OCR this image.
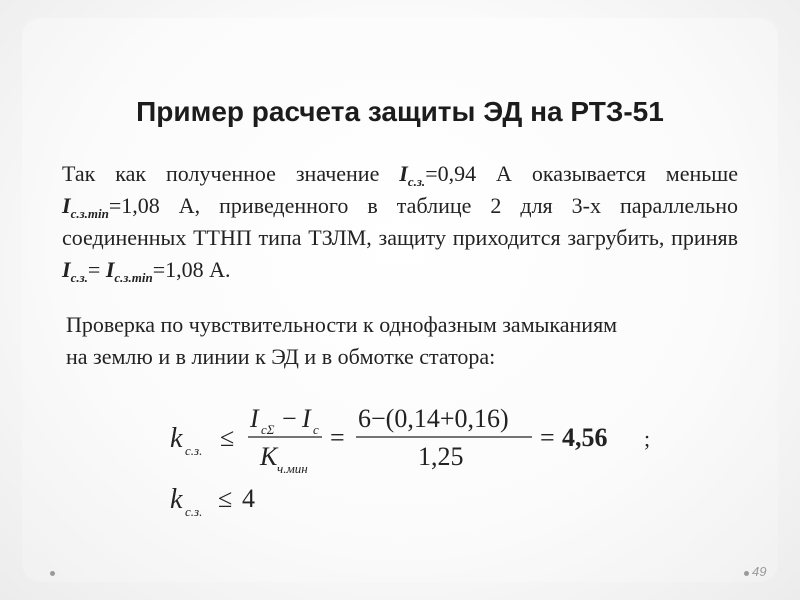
Пример расчета защиты ЭД на РТЗ-51
Так как полученное значение $I_{с.з.}=0,94$ А оказывается меньше $I_{с.з.min}=1,08$ А, приведенного в таблице 2 для 3-х параллельно соединенных ТТНП типа ТЗЛМ, защиту приходится загрубить, приняв $I_{с.з.}= I_{с.з.min}=1,08$ А.
Проверка по чувствительности к однофазным замыканиям
на землю и в линии к ЭД и в обмотке статора:
k с.з. ≤
I сΣ − I с
K ч.мин
=
6−(0,14+0,16)
1,25
= 4,56 ;
k с.з. ≤ 4
49
